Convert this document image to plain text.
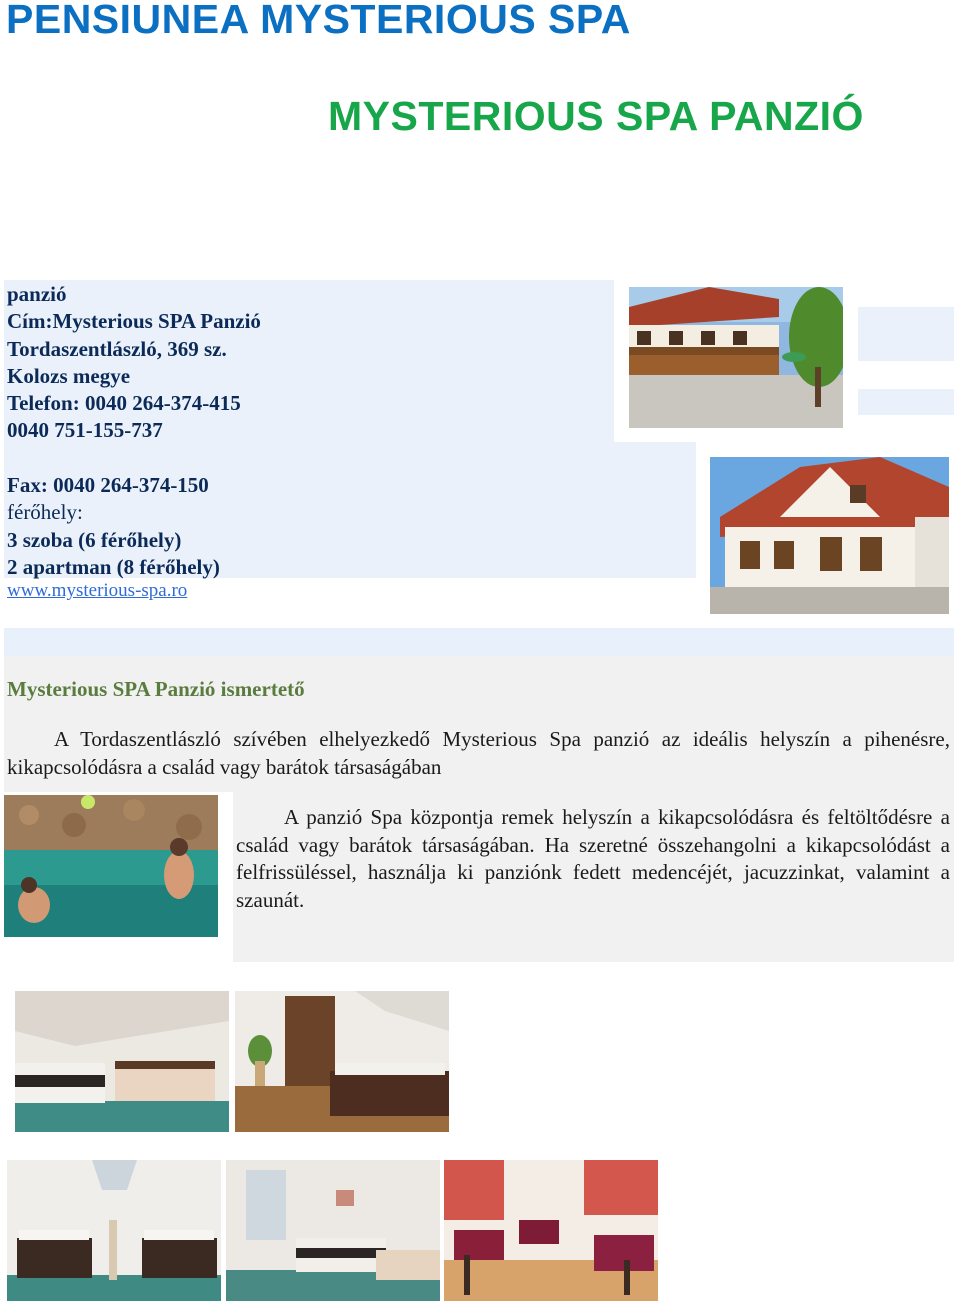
PENSIUNEA MYSTERIOUS SPA
MYSTERIOUS SPA PANZIÓ
panzió
Cím:Mysterious SPA Panzió
Tordaszentlászló, 369 sz.
Kolozs megye
Telefon: 0040 264-374-415
0040 751-155-737
Fax: 0040 264-374-150
férőhely:
3 szoba (6 férőhely)
2 apartman (8 férőhely)
www.mysterious-spa.ro
Mysterious SPA Panzió ismertető

A Tordaszentlászló szívében elhelyezkedő Mysterious Spa panzió az ideális helyszín a pihenésre, kikapcsolódásra a család vagy barátok társaságában

A panzió Spa központja remek helyszín a kikapcsolódásra és feltöltődésre a család vagy barátok társaságában. Ha szeretné összehangolni a kikapcsolódást a felfrissüléssel, használja ki panziónk fedett medencéjét, jacuzzinkat, valamint a szaunát.
